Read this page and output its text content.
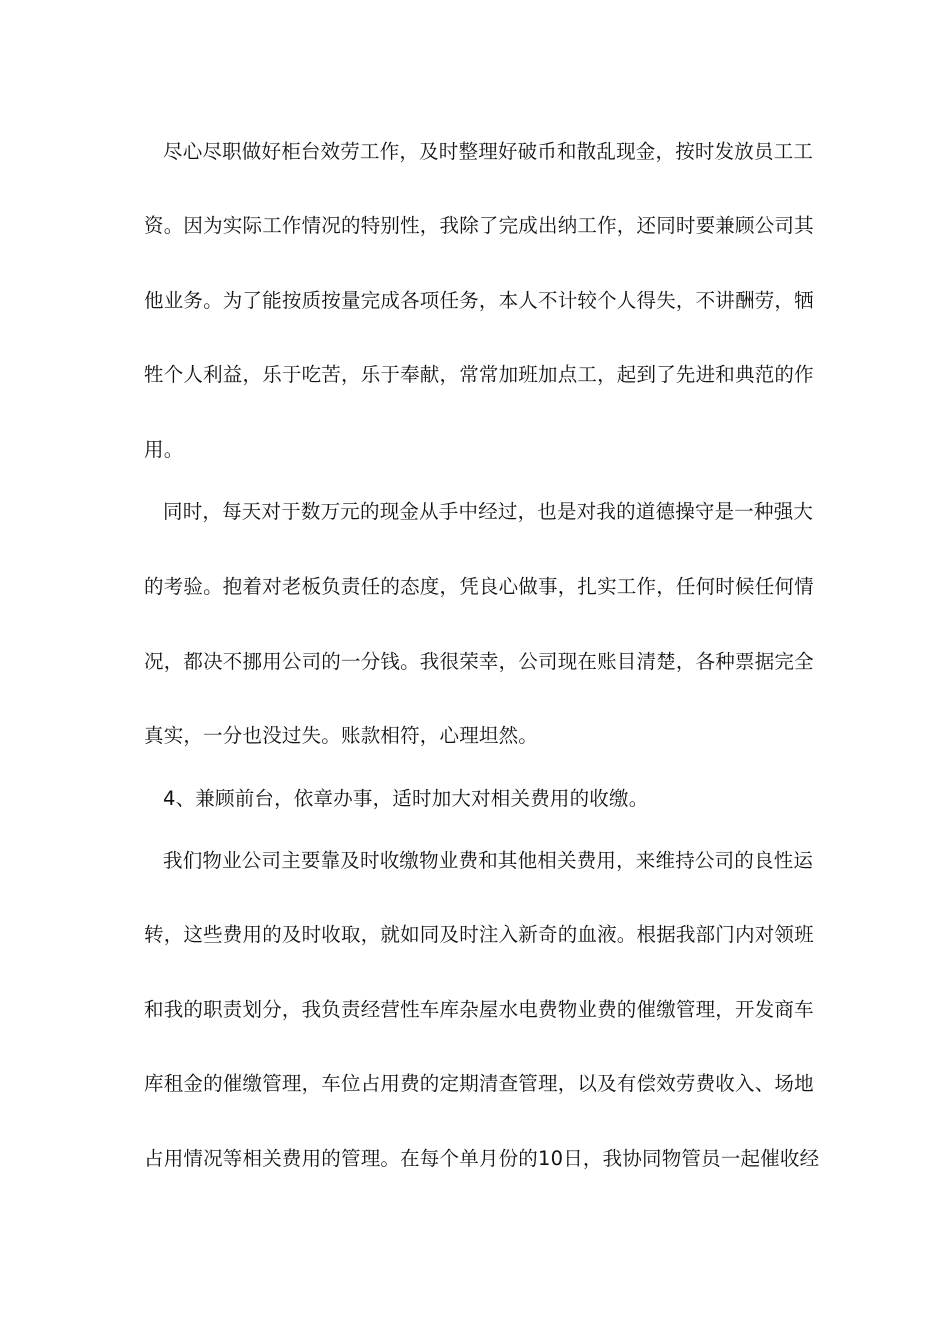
尽心尽职做好柜台效劳工作，及时整理好破币和散乱现金，按时发放员工工
资。因为实际工作情况的特别性，我除了完成出纳工作，还同时要兼顾公司其
他业务。为了能按质按量完成各项任务，本人不计较个人得失，不讲酬劳，牺
牲个人利益，乐于吃苦，乐于奉献，常常加班加点工，起到了先进和典范的作
用。
同时，每天对于数万元的现金从手中经过，也是对我的道德操守是一种强大
的考验。抱着对老板负责任的态度，凭良心做事，扎实工作，任何时候任何情
况，都决不挪用公司的一分钱。我很荣幸，公司现在账目清楚，各种票据完全
真实，一分也没过失。账款相符，心理坦然。
4、兼顾前台，依章办事，适时加大对相关费用的收缴。
我们物业公司主要靠及时收缴物业费和其他相关费用，来维持公司的良性运
转，这些费用的及时收取，就如同及时注入新奇的血液。根据我部门内对领班
和我的职责划分，我负责经营性车库杂屋水电费物业费的催缴管理，开发商车
库租金的催缴管理，车位占用费的定期清查管理，以及有偿效劳费收入、场地
占用情况等相关费用的管理。在每个单月份的10日，我协同物管员一起催收经
